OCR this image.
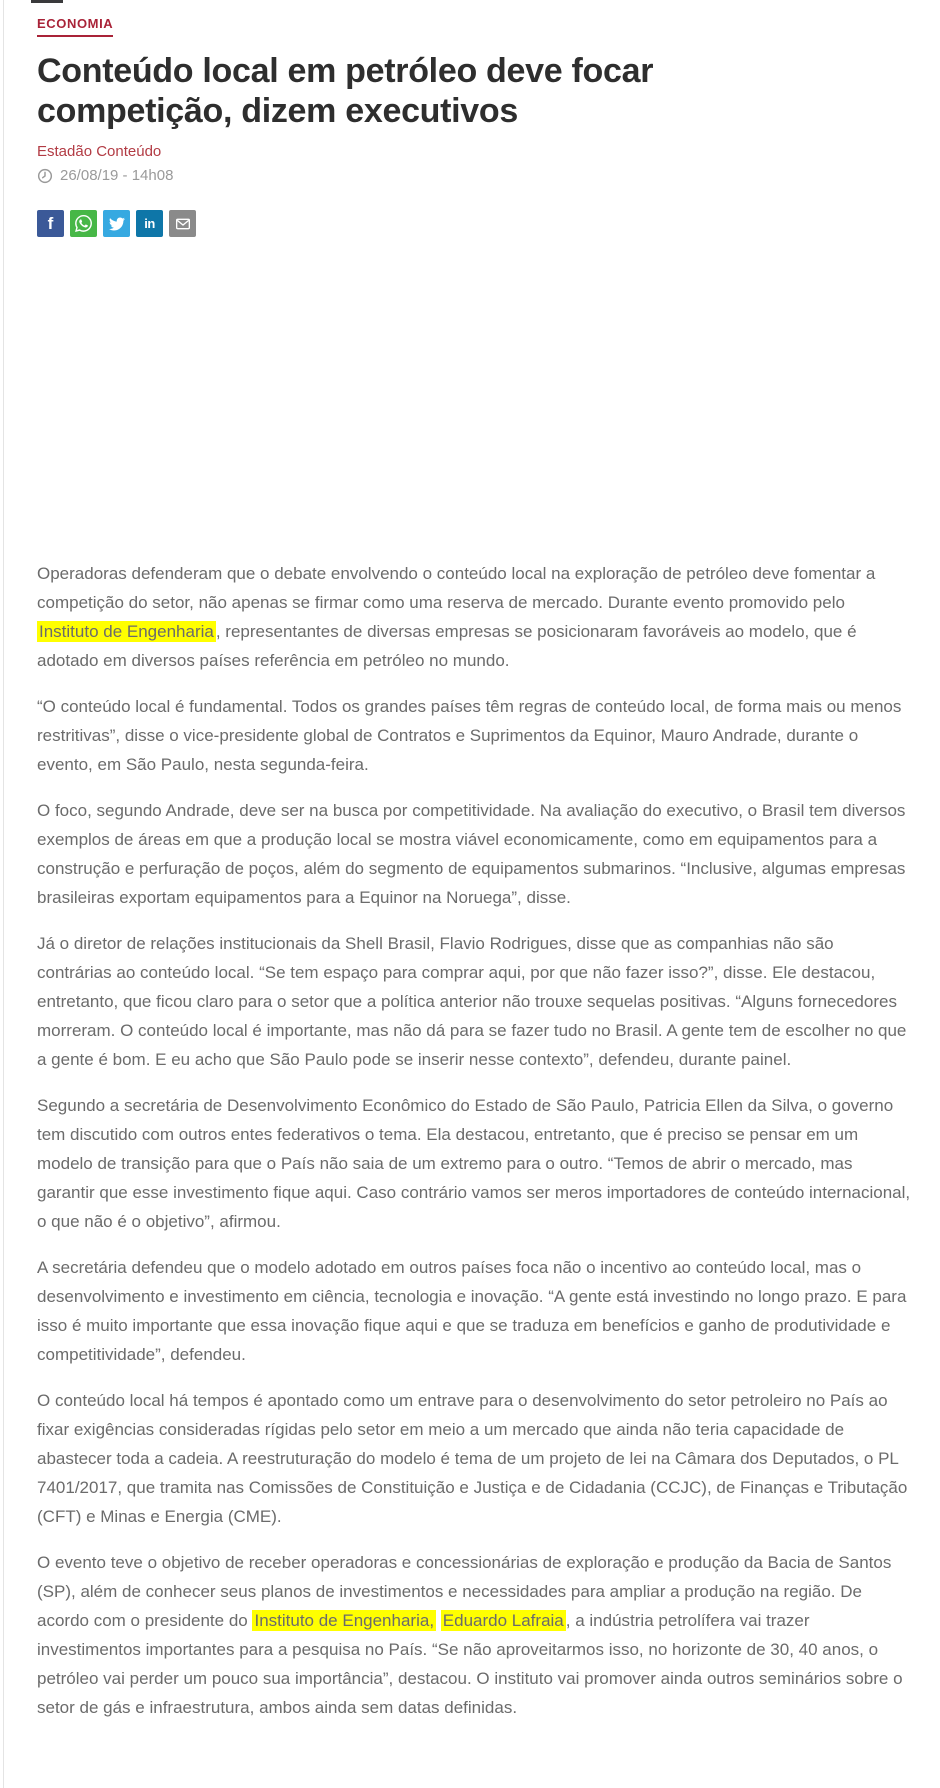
ECONOMIA
Conteúdo local em petróleo deve focar competição, dizem executivos
Estadão Conteúdo
26/08/19 - 14h08
f	in

Operadoras defenderam que o debate envolvendo o conteúdo local na exploração de petróleo deve fomentar a competição do setor, não apenas se firmar como uma reserva de mercado. Durante evento promovido pelo Instituto de Engenharia , representantes de diversas empresas se posicionaram favoráveis ao modelo, que é adotado em diversos países referência em petróleo no mundo.

“O conteúdo local é fundamental. Todos os grandes países têm regras de conteúdo local, de forma mais ou menos restritivas”, disse o vice-presidente global de Contratos e Suprimentos da Equinor, Mauro Andrade, durante o evento, em São Paulo, nesta segunda-feira.

O foco, segundo Andrade, deve ser na busca por competitividade. Na avaliação do executivo, o Brasil tem diversos exemplos de áreas em que a produção local se mostra viável economicamente, como em equipamentos para a construção e perfuração de poços, além do segmento de equipamentos submarinos. “Inclusive, algumas empresas brasileiras exportam equipamentos para a Equinor na Noruega”, disse.

Já o diretor de relações institucionais da Shell Brasil, Flavio Rodrigues, disse que as companhias não são contrárias ao conteúdo local. “Se tem espaço para comprar aqui, por que não fazer isso?”, disse. Ele destacou, entretanto, que ficou claro para o setor que a política anterior não trouxe sequelas positivas. “Alguns fornecedores morreram. O conteúdo local é importante, mas não dá para se fazer tudo no Brasil. A gente tem de escolher no que a gente é bom. E eu acho que São Paulo pode se inserir nesse contexto”, defendeu, durante painel.

Segundo a secretária de Desenvolvimento Econômico do Estado de São Paulo, Patricia Ellen da Silva, o governo tem discutido com outros entes federativos o tema. Ela destacou, entretanto, que é preciso se pensar em um modelo de transição para que o País não saia de um extremo para o outro. “Temos de abrir o mercado, mas garantir que esse investimento fique aqui. Caso contrário vamos ser meros importadores de conteúdo internacional, o que não é o objetivo”, afirmou.

A secretária defendeu que o modelo adotado em outros países foca não o incentivo ao conteúdo local, mas o desenvolvimento e investimento em ciência, tecnologia e inovação. “A gente está investindo no longo prazo. E para isso é muito importante que essa inovação fique aqui e que se traduza em benefícios e ganho de produtividade e competitividade”, defendeu.

O conteúdo local há tempos é apontado como um entrave para o desenvolvimento do setor petroleiro no País ao fixar exigências consideradas rígidas pelo setor em meio a um mercado que ainda não teria capacidade de abastecer toda a cadeia. A reestruturação do modelo é tema de um projeto de lei na Câmara dos Deputados, o PL 7401/2017, que tramita nas Comissões de Constituição e Justiça e de Cidadania (CCJC), de Finanças e Tributação (CFT) e Minas e Energia (CME).

O evento teve o objetivo de receber operadoras e concessionárias de exploração e produção da Bacia de Santos (SP), além de conhecer seus planos de investimentos e necessidades para ampliar a produção na região. De acordo com o presidente do Instituto de Engenharia, Eduardo Lafraia , a indústria petrolífera vai trazer investimentos importantes para a pesquisa no País. “Se não aproveitarmos isso, no horizonte de 30, 40 anos, o petróleo vai perder um pouco sua importância”, destacou. O instituto vai promover ainda outros seminários sobre o setor de gás e infraestrutura, ambos ainda sem datas definidas.
